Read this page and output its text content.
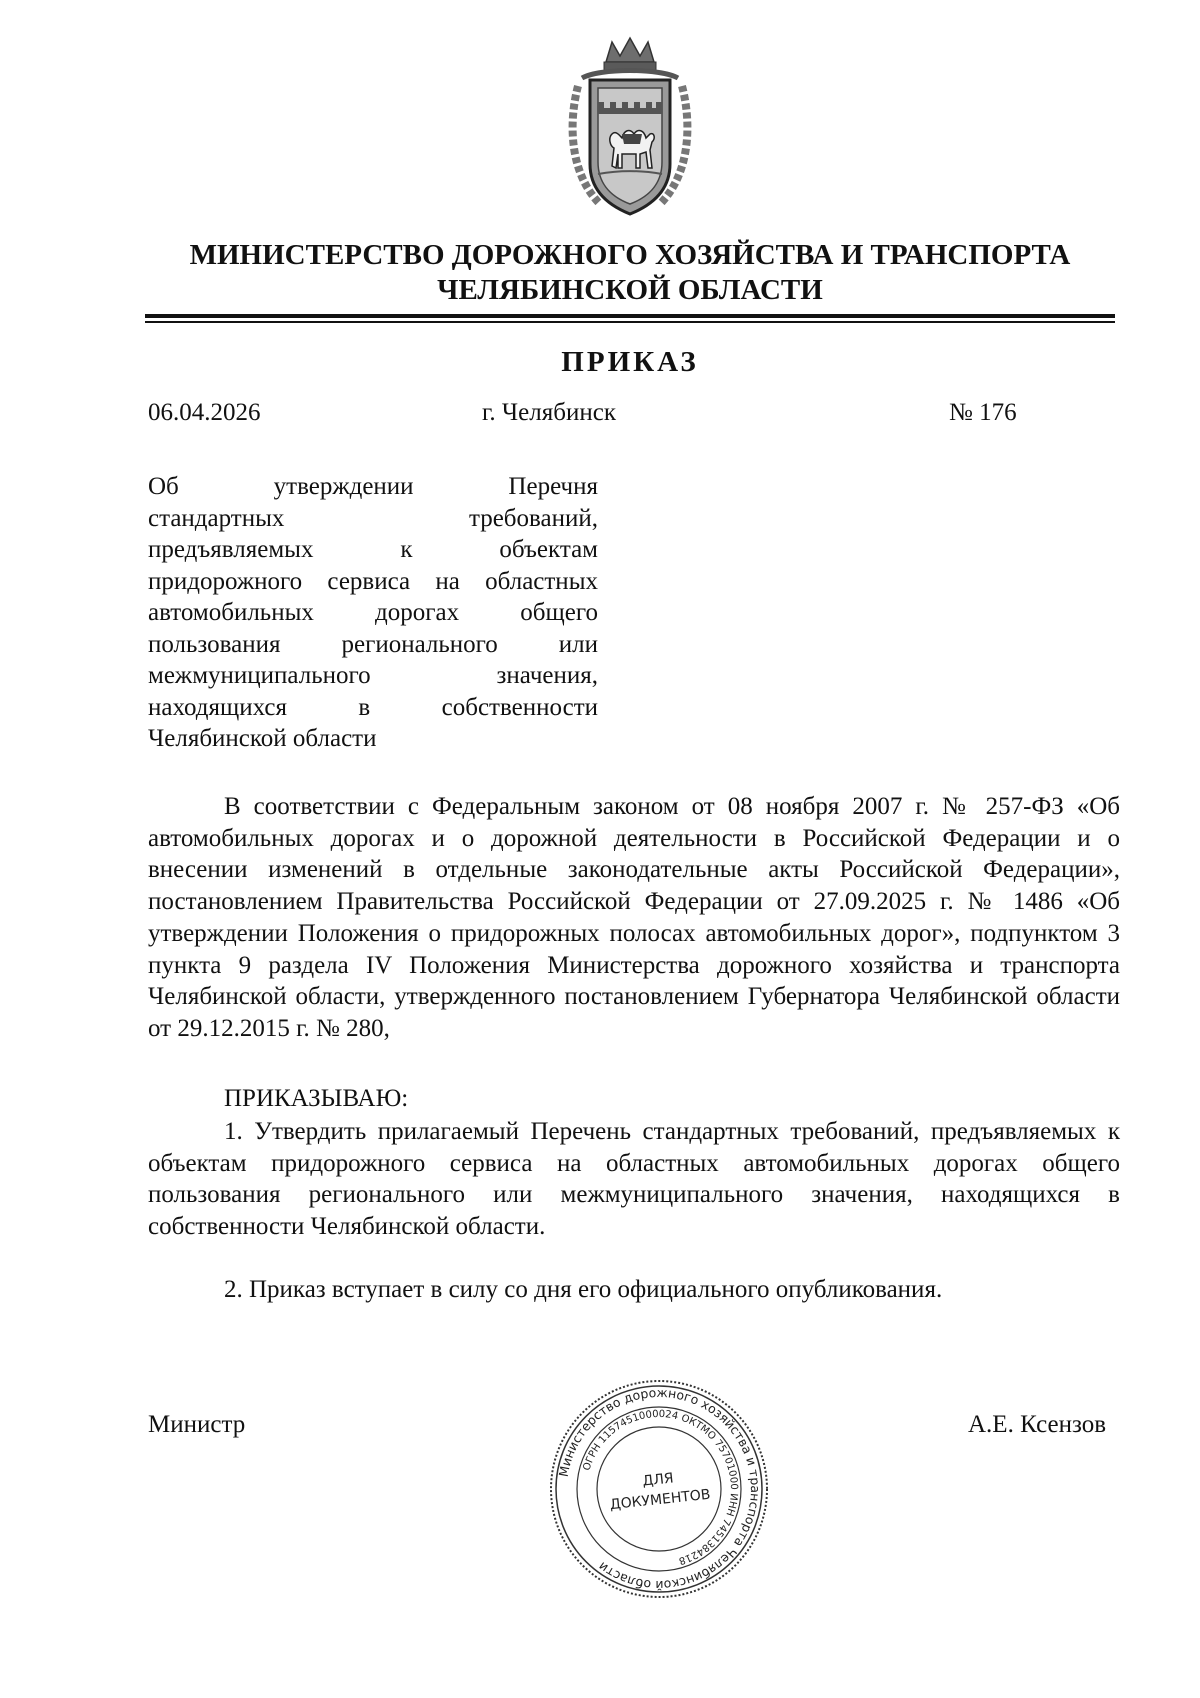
МИНИСТЕРСТВО ДОРОЖНОГО ХОЗЯЙСТВА И ТРАНСПОРТА
ЧЕЛЯБИНСКОЙ ОБЛАСТИ
ПРИКАЗ
06.04.2026	г. Челябинск	№ 176
Об утверждении Перечня
стандартных требований,
предъявляемых к объектам
придорожного сервиса на областных
автомобильных дорогах общего
пользования регионального или
межмуниципального значения,
находящихся в собственности
Челябинской области

В соответствии с Федеральным законом от 08 ноября 2007 г. № 257-ФЗ «Об автомобильных дорогах и о дорожной деятельности в Российской Федерации и о внесении изменений в отдельные законодательные акты Российской Федерации», постановлением Правительства Российской Федерации от 27.09.2025 г. № 1486 «Об утверждении Положения о придорожных полосах автомобильных дорог», подпунктом 3 пункта 9 раздела IV Положения Министерства дорожного хозяйства и транспорта Челябинской области, утвержденного постановлением Губернатора Челябинской области от 29.12.2015 г. № 280,

ПРИКАЗЫВАЮ:

1. Утвердить прилагаемый Перечень стандартных требований, предъявляемых к объектам придорожного сервиса на областных автомобильных дорогах общего пользования регионального или межмуниципального значения, находящихся в собственности Челябинской области.

2. Приказ вступает в силу со дня его официального опубликования.

Министр
Министерство дорожного хозяйства и транспорта Челябинской области
ОГРН 1157451000024 ОКТМО 75701000 ИНН 7451384218
ДЛЯ
ДОКУМЕНТОВ
А.Е. Ксензов
